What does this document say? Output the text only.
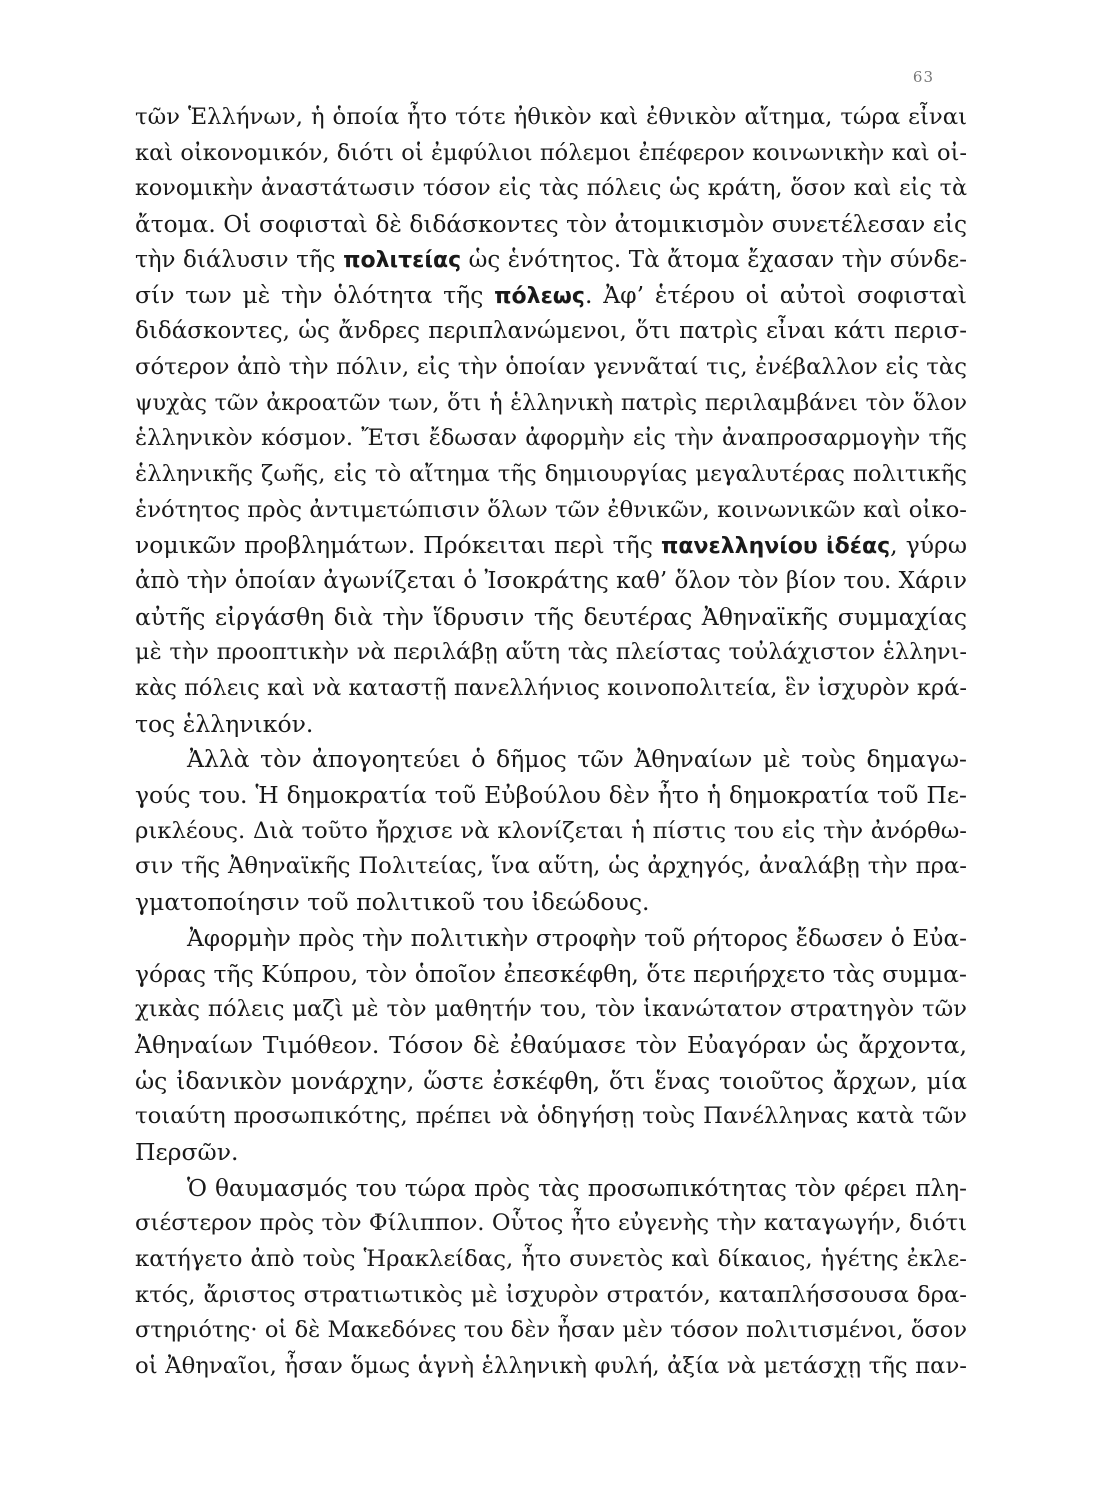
63
τῶν Ἑλλήνων, ἡ ὁποία ἦτο τότε ἠθικὸν καὶ ἐθνικὸν αἴτημα, τώρα εἶναι
καὶ οἰκονομικόν, διότι οἱ ἐμφύλιοι πόλεμοι ἐπέφερον κοινωνικὴν καὶ οἰ-
κονομικὴν ἀναστάτωσιν τόσον εἰς τὰς πόλεις ὡς κράτη, ὅσον καὶ εἰς τὰ
ἄτομα. Οἱ σοφισταὶ δὲ διδάσκοντες τὸν ἀτομικισμὸν συνετέλεσαν εἰς
τὴν διάλυσιν τῆς πολιτείας ὡς ἑνότητος. Τὰ ἄτομα ἔχασαν τὴν σύνδε-
σίν των μὲ τὴν ὁλότητα τῆς πόλεως. Ἀφ’ ἑτέρου οἱ αὐτοὶ σοφισταὶ
διδάσκοντες, ὡς ἄνδρες περιπλανώμενοι, ὅτι πατρὶς εἶναι κάτι περισ-
σότερον ἀπὸ τὴν πόλιν, εἰς τὴν ὁποίαν γεννᾶταί τις, ἐνέβαλλον εἰς τὰς
ψυχὰς τῶν ἀκροατῶν των, ὅτι ἡ ἑλληνικὴ πατρὶς περιλαμβάνει τὸν ὅλον
ἑλληνικὸν κόσμον. Ἔτσι ἔδωσαν ἀφορμὴν εἰς τὴν ἀναπροσαρμογὴν τῆς
ἑλληνικῆς ζωῆς, εἰς τὸ αἴτημα τῆς δημιουργίας μεγαλυτέρας πολιτικῆς
ἑνότητος πρὸς ἀντιμετώπισιν ὅλων τῶν ἐθνικῶν, κοινωνικῶν καὶ οἰκο-
νομικῶν προβλημάτων. Πρόκειται περὶ τῆς πανελληνίου ἰδέας, γύρω
ἀπὸ τὴν ὁποίαν ἀγωνίζεται ὁ Ἰσοκράτης καθ’ ὅλον τὸν βίον του. Χάριν
αὐτῆς εἰργάσθη διὰ τὴν ἵδρυσιν τῆς δευτέρας Ἀθηναϊκῆς συμμαχίας
μὲ τὴν προοπτικὴν νὰ περιλάβῃ αὕτη τὰς πλείστας τοὐλάχιστον ἑλληνι-
κὰς πόλεις καὶ νὰ καταστῇ πανελλήνιος κοινοπολιτεία, ἓν ἰσχυρὸν κρά-
τος ἑλληνικόν.
Ἀλλὰ τὸν ἀπογοητεύει ὁ δῆμος τῶν Ἀθηναίων μὲ τοὺς δημαγω-
γούς του. Ἡ δημοκρατία τοῦ Εὐβούλου δὲν ἦτο ἡ δημοκρατία τοῦ Πε-
ρικλέους. Διὰ τοῦτο ἤρχισε νὰ κλονίζεται ἡ πίστις του εἰς τὴν ἀνόρθω-
σιν τῆς Ἀθηναϊκῆς Πολιτείας, ἵνα αὕτη, ὡς ἀρχηγός, ἀναλάβῃ τὴν πρα-
γματοποίησιν τοῦ πολιτικοῦ του ἰδεώδους.
Ἀφορμὴν πρὸς τὴν πολιτικὴν στροφὴν τοῦ ρήτορος ἔδωσεν ὁ Εὐα-
γόρας τῆς Κύπρου, τὸν ὁποῖον ἐπεσκέφθη, ὅτε περιήρχετο τὰς συμμα-
χικὰς πόλεις μαζὶ μὲ τὸν μαθητήν του, τὸν ἱκανώτατον στρατηγὸν τῶν
Ἀθηναίων Τιμόθεον. Τόσον δὲ ἐθαύμασε τὸν Εὐαγόραν ὡς ἄρχοντα,
ὡς ἰδανικὸν μονάρχην, ὥστε ἐσκέφθη, ὅτι ἕνας τοιοῦτος ἄρχων, μία
τοιαύτη προσωπικότης, πρέπει νὰ ὁδηγήσῃ τοὺς Πανέλληνας κατὰ τῶν
Περσῶν.
Ὁ θαυμασμός του τώρα πρὸς τὰς προσωπικότητας τὸν φέρει πλη-
σιέστερον πρὸς τὸν Φίλιππον. Οὗτος ἦτο εὐγενὴς τὴν καταγωγήν, διότι
κατήγετο ἀπὸ τοὺς Ἡρακλείδας, ἦτο συνετὸς καὶ δίκαιος, ἡγέτης ἐκλε-
κτός, ἄριστος στρατιωτικὸς μὲ ἰσχυρὸν στρατόν, καταπλήσσουσα δρα-
στηριότης· οἱ δὲ Μακεδόνες του δὲν ἦσαν μὲν τόσον πολιτισμένοι, ὅσον
οἱ Ἀθηναῖοι, ἦσαν ὅμως ἁγνὴ ἑλληνικὴ φυλή, ἀξία νὰ μετάσχῃ τῆς παν-
